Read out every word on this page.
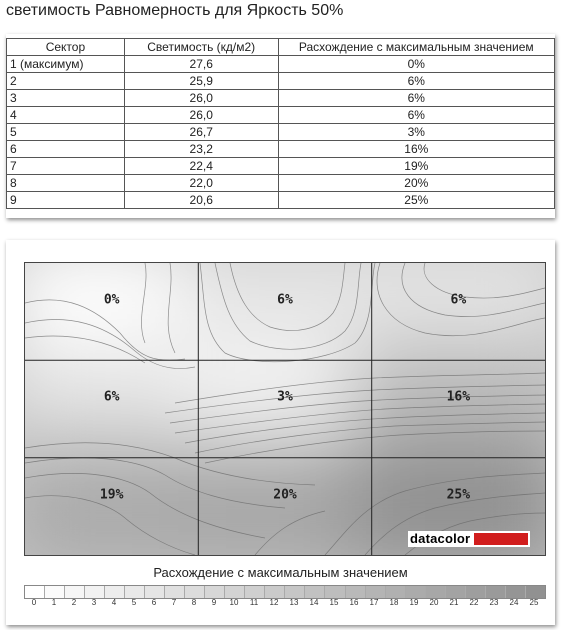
светимость Равномерность для Яркость 50%
Сектор	Светимость (кд/м2)	Расхождение с максимальным значением
1 (максимум)	27,6	0%
2	25,9	6%
3	26,0	6%
4	26,0	6%
5	26,7	3%
6	23,2	16%
7	22,4	19%
8	22,0	20%
9	20,6	25%
0%	6%	6%
6%	3%	16%
19%	20%	25%
datacolor
Расхождение с максимальным значением
0 1 2 3 4 5 6 7 8 9 10 11 12 13 14 15 16 17 18 19 20 21 22 23 24 25
